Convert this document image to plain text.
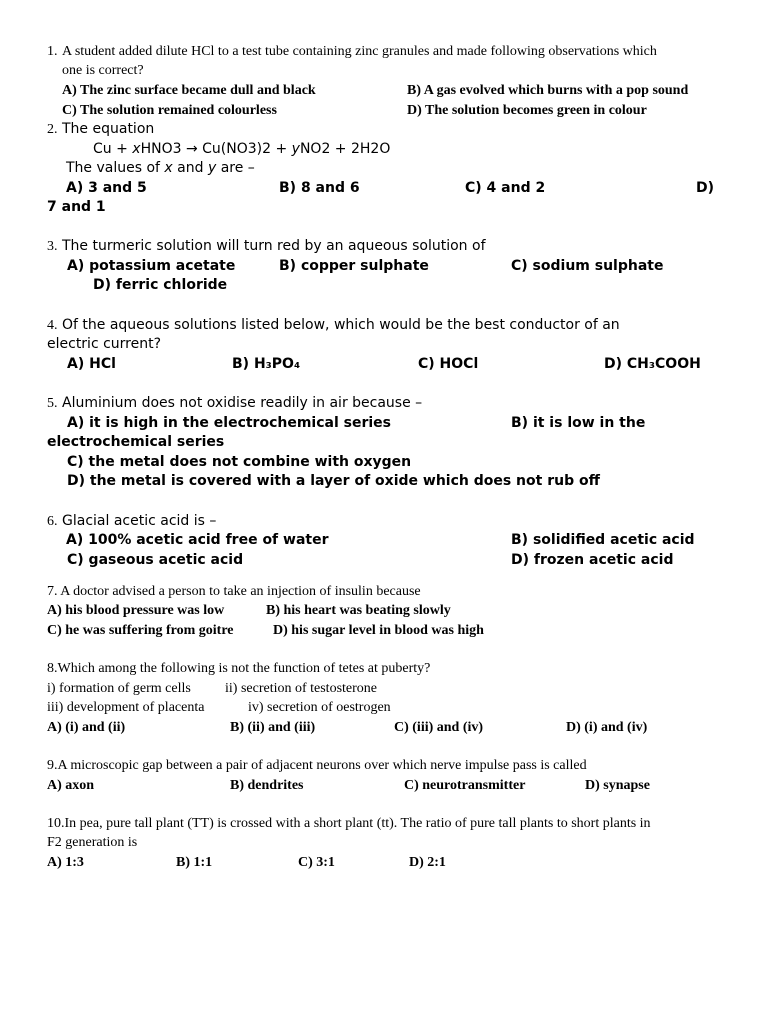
1. A student added dilute HCl to a test tube containing zinc granules and made following observations which
one is correct?
A) The zinc surface became dull and black	B) A gas evolved which burns with a pop sound
C) The solution remained colourless	D) The solution becomes green in colour
2. The equation
Cu + xHNO3 → Cu(NO3)2 + yNO2 + 2H2O
The values of x and y are –
A) 3 and 5	B) 8 and 6	C) 4 and 2	D)
7 and 1
3. The turmeric solution will turn red by an aqueous solution of
A) potassium acetate	B) copper sulphate	C) sodium sulphate
D) ferric chloride
4. Of the aqueous solutions listed below, which would be the best conductor of an
electric current?
A) HCl	B) H₃PO₄	C) HOCl	D) CH₃COOH
5. Aluminium does not oxidise readily in air because –
A) it is high in the electrochemical series	B) it is low in the
electrochemical series
C) the metal does not combine with oxygen
D) the metal is covered with a layer of oxide which does not rub off
6. Glacial acetic acid is –
A) 100% acetic acid free of water	B) solidified acetic acid
C) gaseous acetic acid	D) frozen acetic acid
7. A doctor advised a person to take an injection of insulin because
A) his blood pressure was low	B) his heart was beating slowly
C) he was suffering from goitre	D) his sugar level in blood was high
8.Which among the following is not the function of tetes at puberty?
i) formation of germ cells ii) secretion of testosterone
iii) development of placenta	iv) secretion of oestrogen
A) (i) and (ii)	B) (ii) and (iii)	C) (iii) and (iv)	D) (i) and (iv)
9.A microscopic gap between a pair of adjacent neurons over which nerve impulse pass is called
A) axon	B) dendrites	C) neurotransmitter	D) synapse
10.In pea, pure tall plant (TT) is crossed with a short plant (tt). The ratio of pure tall plants to short plants in
F2 generation is
A) 1:3	B) 1:1	C) 3:1	D) 2:1
